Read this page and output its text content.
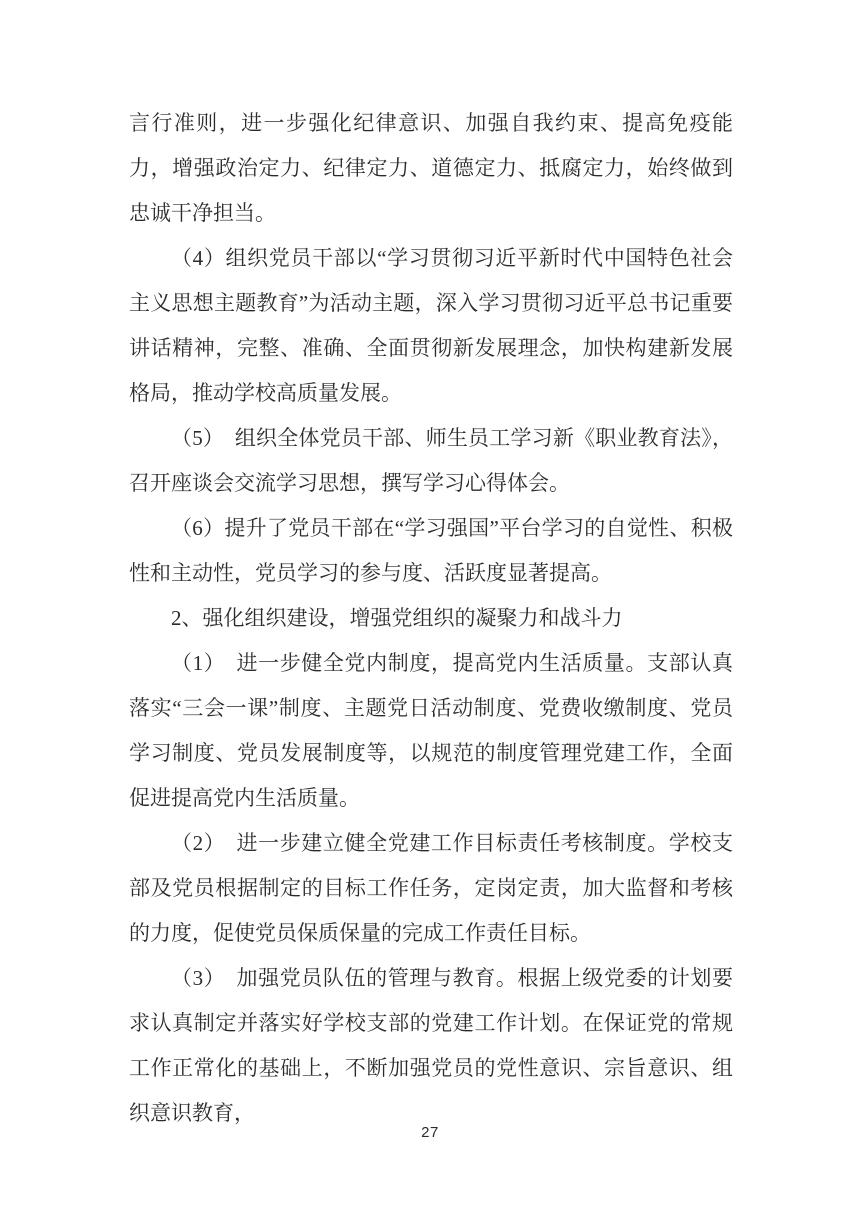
言行准则，进一步强化纪律意识、加强自我约束、提高免疫能力，增强政治定力、纪律定力、道德定力、抵腐定力，始终做到忠诚干净担当。

（4）组织党员干部以“学习贯彻习近平新时代中国特色社会主义思想主题教育”为活动主题，深入学习贯彻习近平总书记重要讲话精神，完整、准确、全面贯彻新发展理念，加快构建新发展格局，推动学校高质量发展。

（5）　组织全体党员干部、师生员工学习新《职业教育法》，召开座谈会交流学习思想，撰写学习心得体会。

（6）提升了党员干部在“学习强国”平台学习的自觉性、积极性和主动性，党员学习的参与度、活跃度显著提高。

2、强化组织建设，增强党组织的凝聚力和战斗力

（1）　进一步健全党内制度，提高党内生活质量。支部认真落实“三会一课”制度、主题党日活动制度、党费收缴制度、党员学习制度、党员发展制度等，以规范的制度管理党建工作，全面促进提高党内生活质量。

（2）　进一步建立健全党建工作目标责任考核制度。学校支部及党员根据制定的目标工作任务，定岗定责，加大监督和考核的力度，促使党员保质保量的完成工作责任目标。

（3）　加强党员队伍的管理与教育。根据上级党委的计划要求认真制定并落实好学校支部的党建工作计划。在保证党的常规工作正常化的基础上，不断加强党员的党性意识、宗旨意识、组织意识教育，

27
